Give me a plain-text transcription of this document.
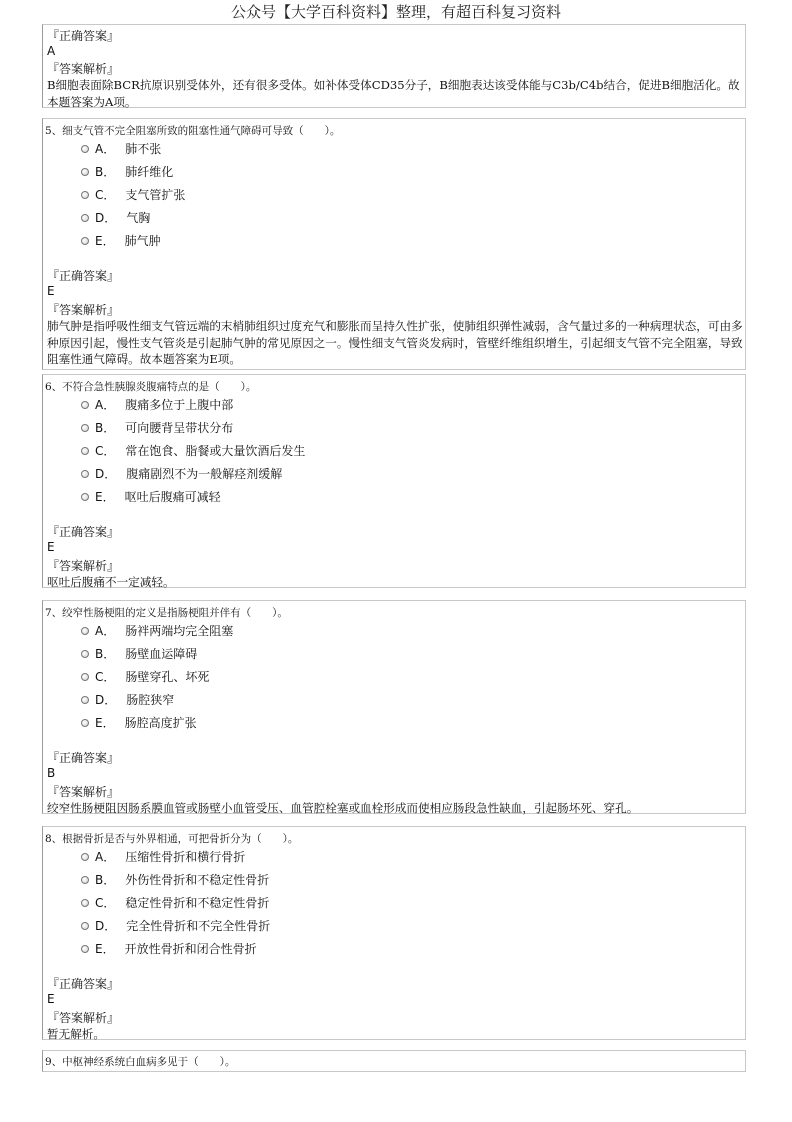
公众号【大学百科资料】整理，有超百科复习资料
『正确答案』
A
『答案解析』
B细胞表面除BCR抗原识别受体外，还有很多受体。如补体受体CD35分子，B细胞表达该受体能与C3b/C4b结合，促进B细胞活化。故本题答案为A项。
5、细支气管不完全阻塞所致的阻塞性通气障碍可导致（　　）。
A． 肺不张
B． 肺纤维化
C． 支气管扩张
D． 气胸
E． 肺气肿
『正确答案』
E
『答案解析』
肺气肿是指呼吸性细支气管远端的末梢肺组织过度充气和膨胀而呈持久性扩张，使肺组织弹性减弱，含气量过多的一种病理状态，可由多种原因引起，慢性支气管炎是引起肺气肿的常见原因之一。慢性细支气管炎发病时，管壁纤维组织增生，引起细支气管不完全阻塞，导致阻塞性通气障碍。故本题答案为E项。
6、不符合急性胰腺炎腹痛特点的是（　　）。
A． 腹痛多位于上腹中部
B． 可向腰背呈带状分布
C． 常在饱食、脂餐或大量饮酒后发生
D． 腹痛剧烈不为一般解痉剂缓解
E． 呕吐后腹痛可减轻
『正确答案』
E
『答案解析』
呕吐后腹痛不一定减轻。
7、绞窄性肠梗阻的定义是指肠梗阻并伴有（　　）。
A． 肠袢两端均完全阻塞
B． 肠壁血运障碍
C． 肠壁穿孔、坏死
D． 肠腔狭窄
E． 肠腔高度扩张
『正确答案』
B
『答案解析』
绞窄性肠梗阻因肠系膜血管或肠壁小血管受压、血管腔栓塞或血栓形成而使相应肠段急性缺血，引起肠坏死、穿孔。
8、根据骨折是否与外界相通，可把骨折分为（　　）。
A． 压缩性骨折和横行骨折
B． 外伤性骨折和不稳定性骨折
C． 稳定性骨折和不稳定性骨折
D． 完全性骨折和不完全性骨折
E． 开放性骨折和闭合性骨折
『正确答案』
E
『答案解析』
暂无解析。
9、中枢神经系统白血病多见于（　　）。
